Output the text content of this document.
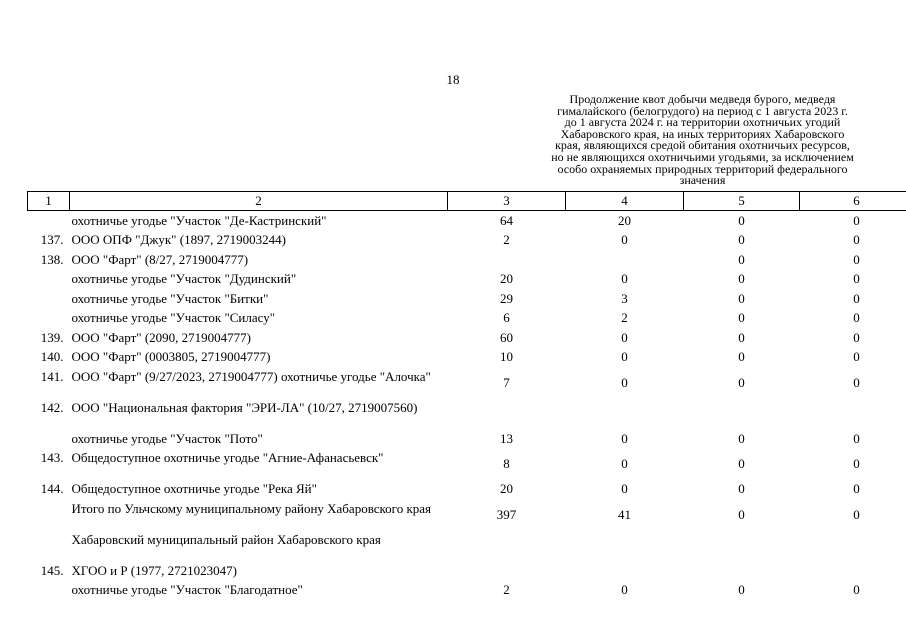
18
Продолжение квот добычи медведя бурого, медведя
гималайского (белогрудого) на период с 1 августа 2023 г.
до 1 августа 2024 г. на территории охотничьих угодий
Хабаровского края, на иных территориях Хабаровского
края, являющихся средой обитания охотничьих ресурсов,
но не являющихся охотничьими угодьями, за исключением
особо охраняемых природных территорий федерального
значения
1	2	3	4	5	6
	охотничье угодье "Участок "Де-Кастринский"	64	20	0	0
137.	ООО ОПФ "Джук" (1897, 2719003244)	2	0	0	0
138.	ООО "Фарт" (8/27, 2719004777)			0	0
	охотничье угодье "Участок "Дудинский"	20	0	0	0
	охотничье угодье "Участок "Битки"	29	3	0	0
	охотничье угодье "Участок "Силасу"	6	2	0	0
139.	ООО "Фарт" (2090, 2719004777)	60	0	0	0
140.	ООО "Фарт" (0003805, 2719004777)	10	0	0	0
141.	ООО "Фарт" (9/27/2023, 2719004777) охотничье угодье "Алочка"	7	0	0	0
142.	ООО "Национальная фактория "ЭРИ-ЛА" (10/27, 2719007560)				
	охотничье угодье "Участок "Пото"	13	0	0	0
143.	Общедоступное охотничье угодье "Агние-Афанасьевск"	8	0	0	0
144.	Общедоступное охотничье угодье "Река Яй"	20	0	0	0
	Итого по Ульчскому муниципальному району Хабаровского края	397	41	0	0
	Хабаровский муниципальный район Хабаровского края				
145.	ХГОО и Р (1977, 2721023047)				
	охотничье угодье "Участок "Благодатное"	2	0	0	0
